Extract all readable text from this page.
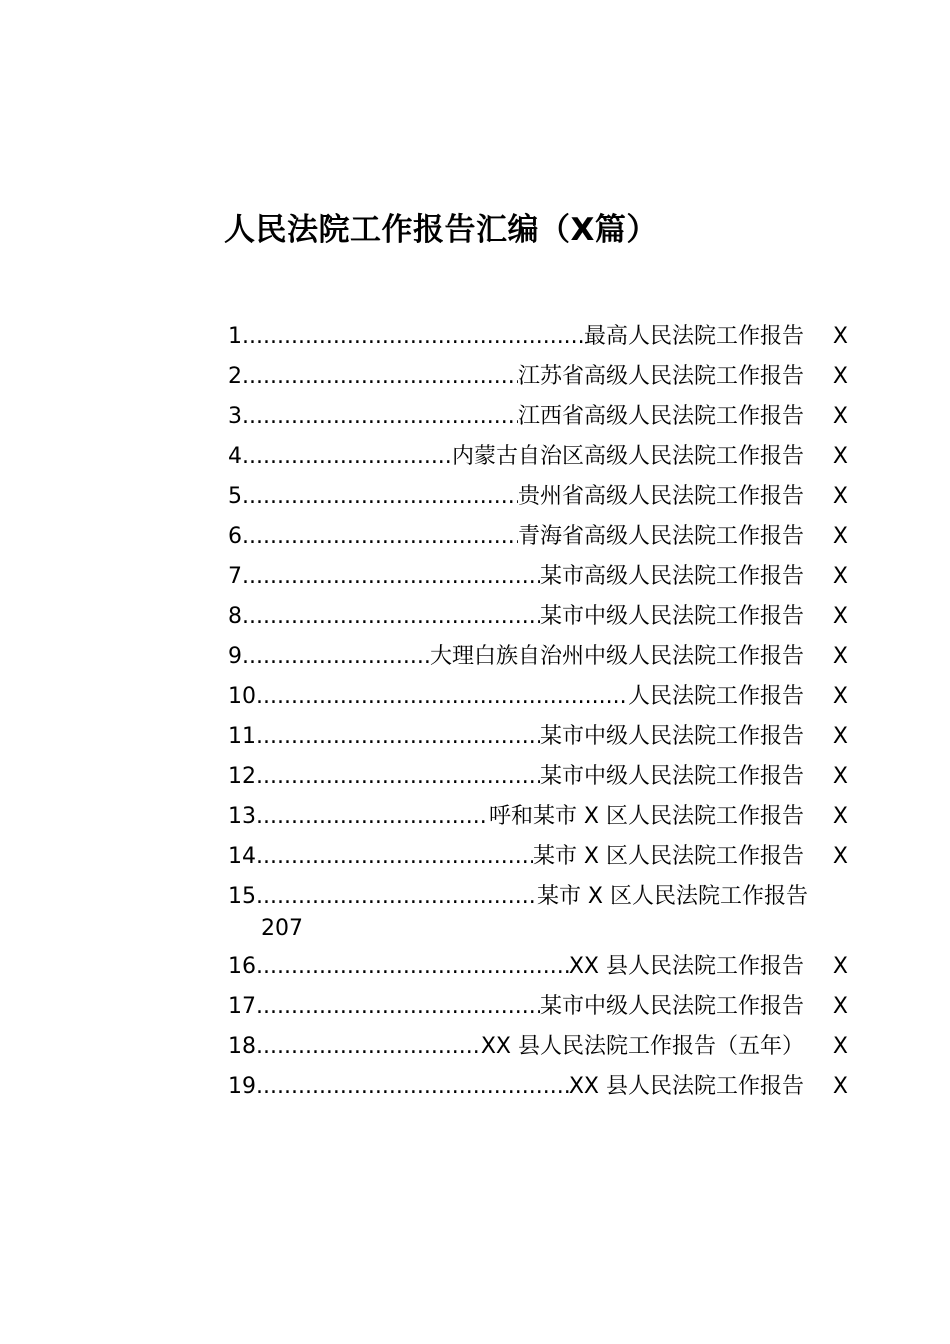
人民法院工作报告汇编（X篇）
1 .....	最高人民法院工作报告	X
2 .....	江苏省高级人民法院工作报告	X
3 .....	江西省高级人民法院工作报告	X
4 .....	内蒙古自治区高级人民法院工作报告	X
5 .....	贵州省高级人民法院工作报告	X
6 .....	青海省高级人民法院工作报告	X
7 .....	某市高级人民法院工作报告	X
8 .....	某市中级人民法院工作报告	X
9 .....	大理白族自治州中级人民法院工作报告	X
10 .....	人民法院工作报告	X
11 .....	某市中级人民法院工作报告	X
12 .....	某市中级人民法院工作报告	X
13 .....	呼和某市 X 区人民法院工作报告	X
14 .....	某市 X 区人民法院工作报告	X
15 .....	某市 X 区人民法院工作报告
207
16 .....	XX 县人民法院工作报告	X
17 .....	某市中级人民法院工作报告	X
18 .....	XX 县人民法院工作报告（五年）	X
19 .....	XX 县人民法院工作报告	X
